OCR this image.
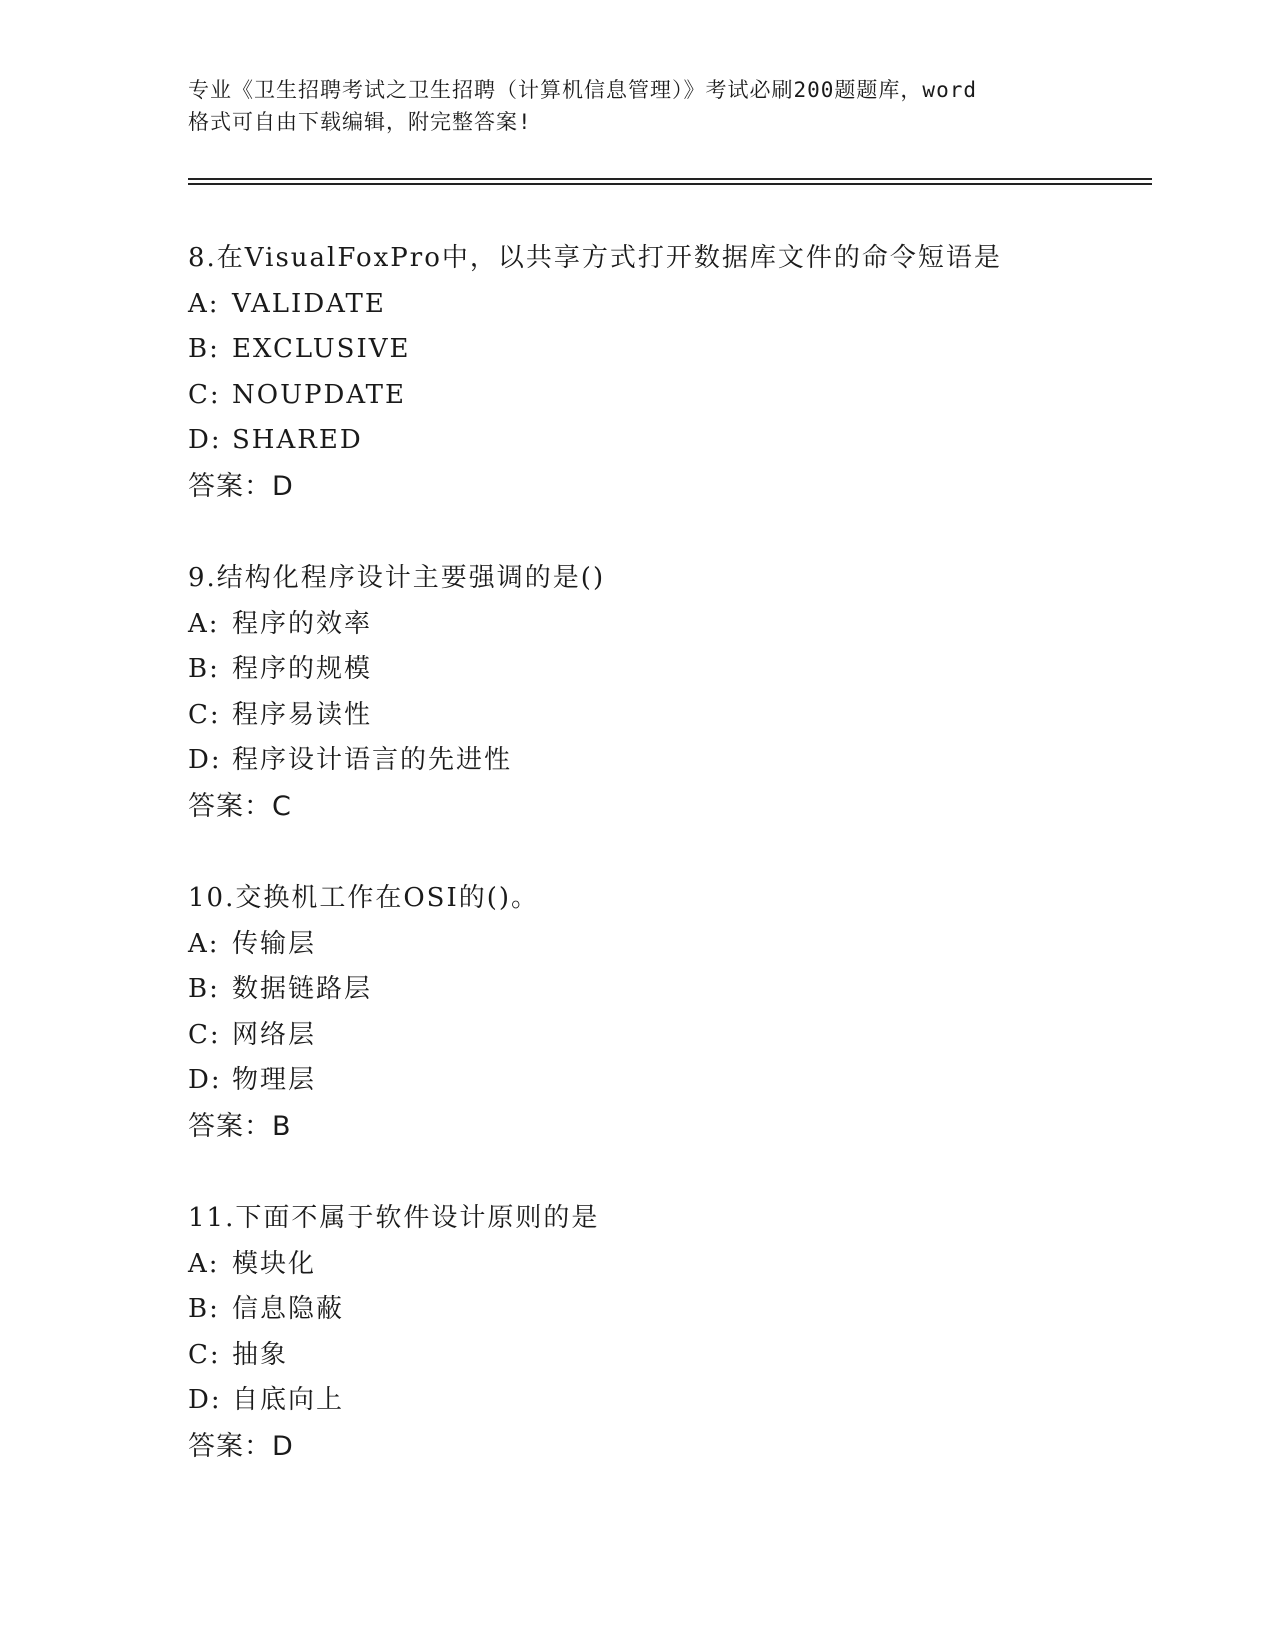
专业《卫生招聘考试之卫生招聘（计算机信息管理）》考试必刷200题题库，word
格式可自由下载编辑，附完整答案!
8.在VisualFoxPro中，以共享方式打开数据库文件的命令短语是
A: VALIDATE
B: EXCLUSIVE
C: NOUPDATE
D: SHARED
答案：D
9.结构化程序设计主要强调的是()
A: 程序的效率
B: 程序的规模
C: 程序易读性
D: 程序设计语言的先进性
答案：C
10.交换机工作在OSI的()。
A: 传输层
B: 数据链路层
C: 网络层
D: 物理层
答案：B
11.下面不属于软件设计原则的是
A: 模块化
B: 信息隐蔽
C: 抽象
D: 自底向上
答案：D
